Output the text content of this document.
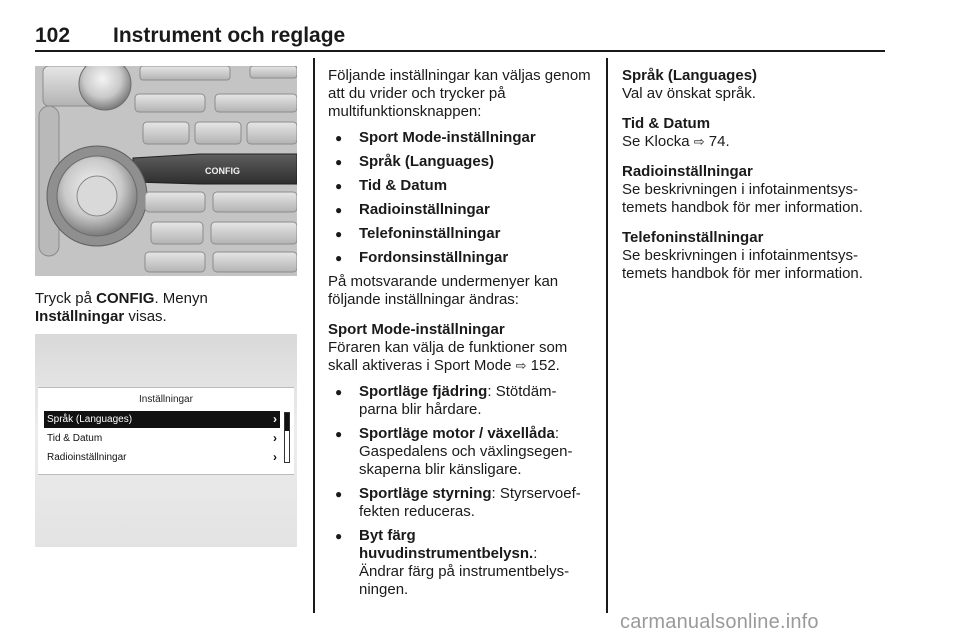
102 Instrument och reglage
CONFIG
Tryck på CONFIG. Menyn
Inställningar visas.
Inställningar
Språk (Languages)	›
Tid & Datum	›
Radioinställningar	›
Följande inställningar kan väljas genom att du vrider och trycker på multifunktionsknappen:
● Sport Mode-inställningar
● Språk (Languages)
● Tid & Datum
● Radioinställningar
● Telefoninställningar
● Fordonsinställningar
På motsvarande undermenyer kan följande inställningar ändras:
Sport Mode-inställningar
Föraren kan välja de funktioner som skall aktiveras i Sport Mode ⇨ 152.
● Sportläge fjädring: Stötdäm-parna blir hårdare.
● Sportläge motor / växellåda:
Gaspedalens och växlingsegen-skaperna blir känsligare.
● Sportläge styrning: Styrservoef-fekten reduceras.
● Byt färg huvudinstrumentbelysn.:
Ändrar färg på instrumentbelys-ningen.
Språk (Languages)
Val av önskat språk.
Tid & Datum
Se Klocka ⇨ 74.
Radioinställningar
Se beskrivningen i infotainmentsys-temets handbok för mer information.
Telefoninställningar
Se beskrivningen i infotainmentsys-temets handbok för mer information.
carmanualsonline.info
